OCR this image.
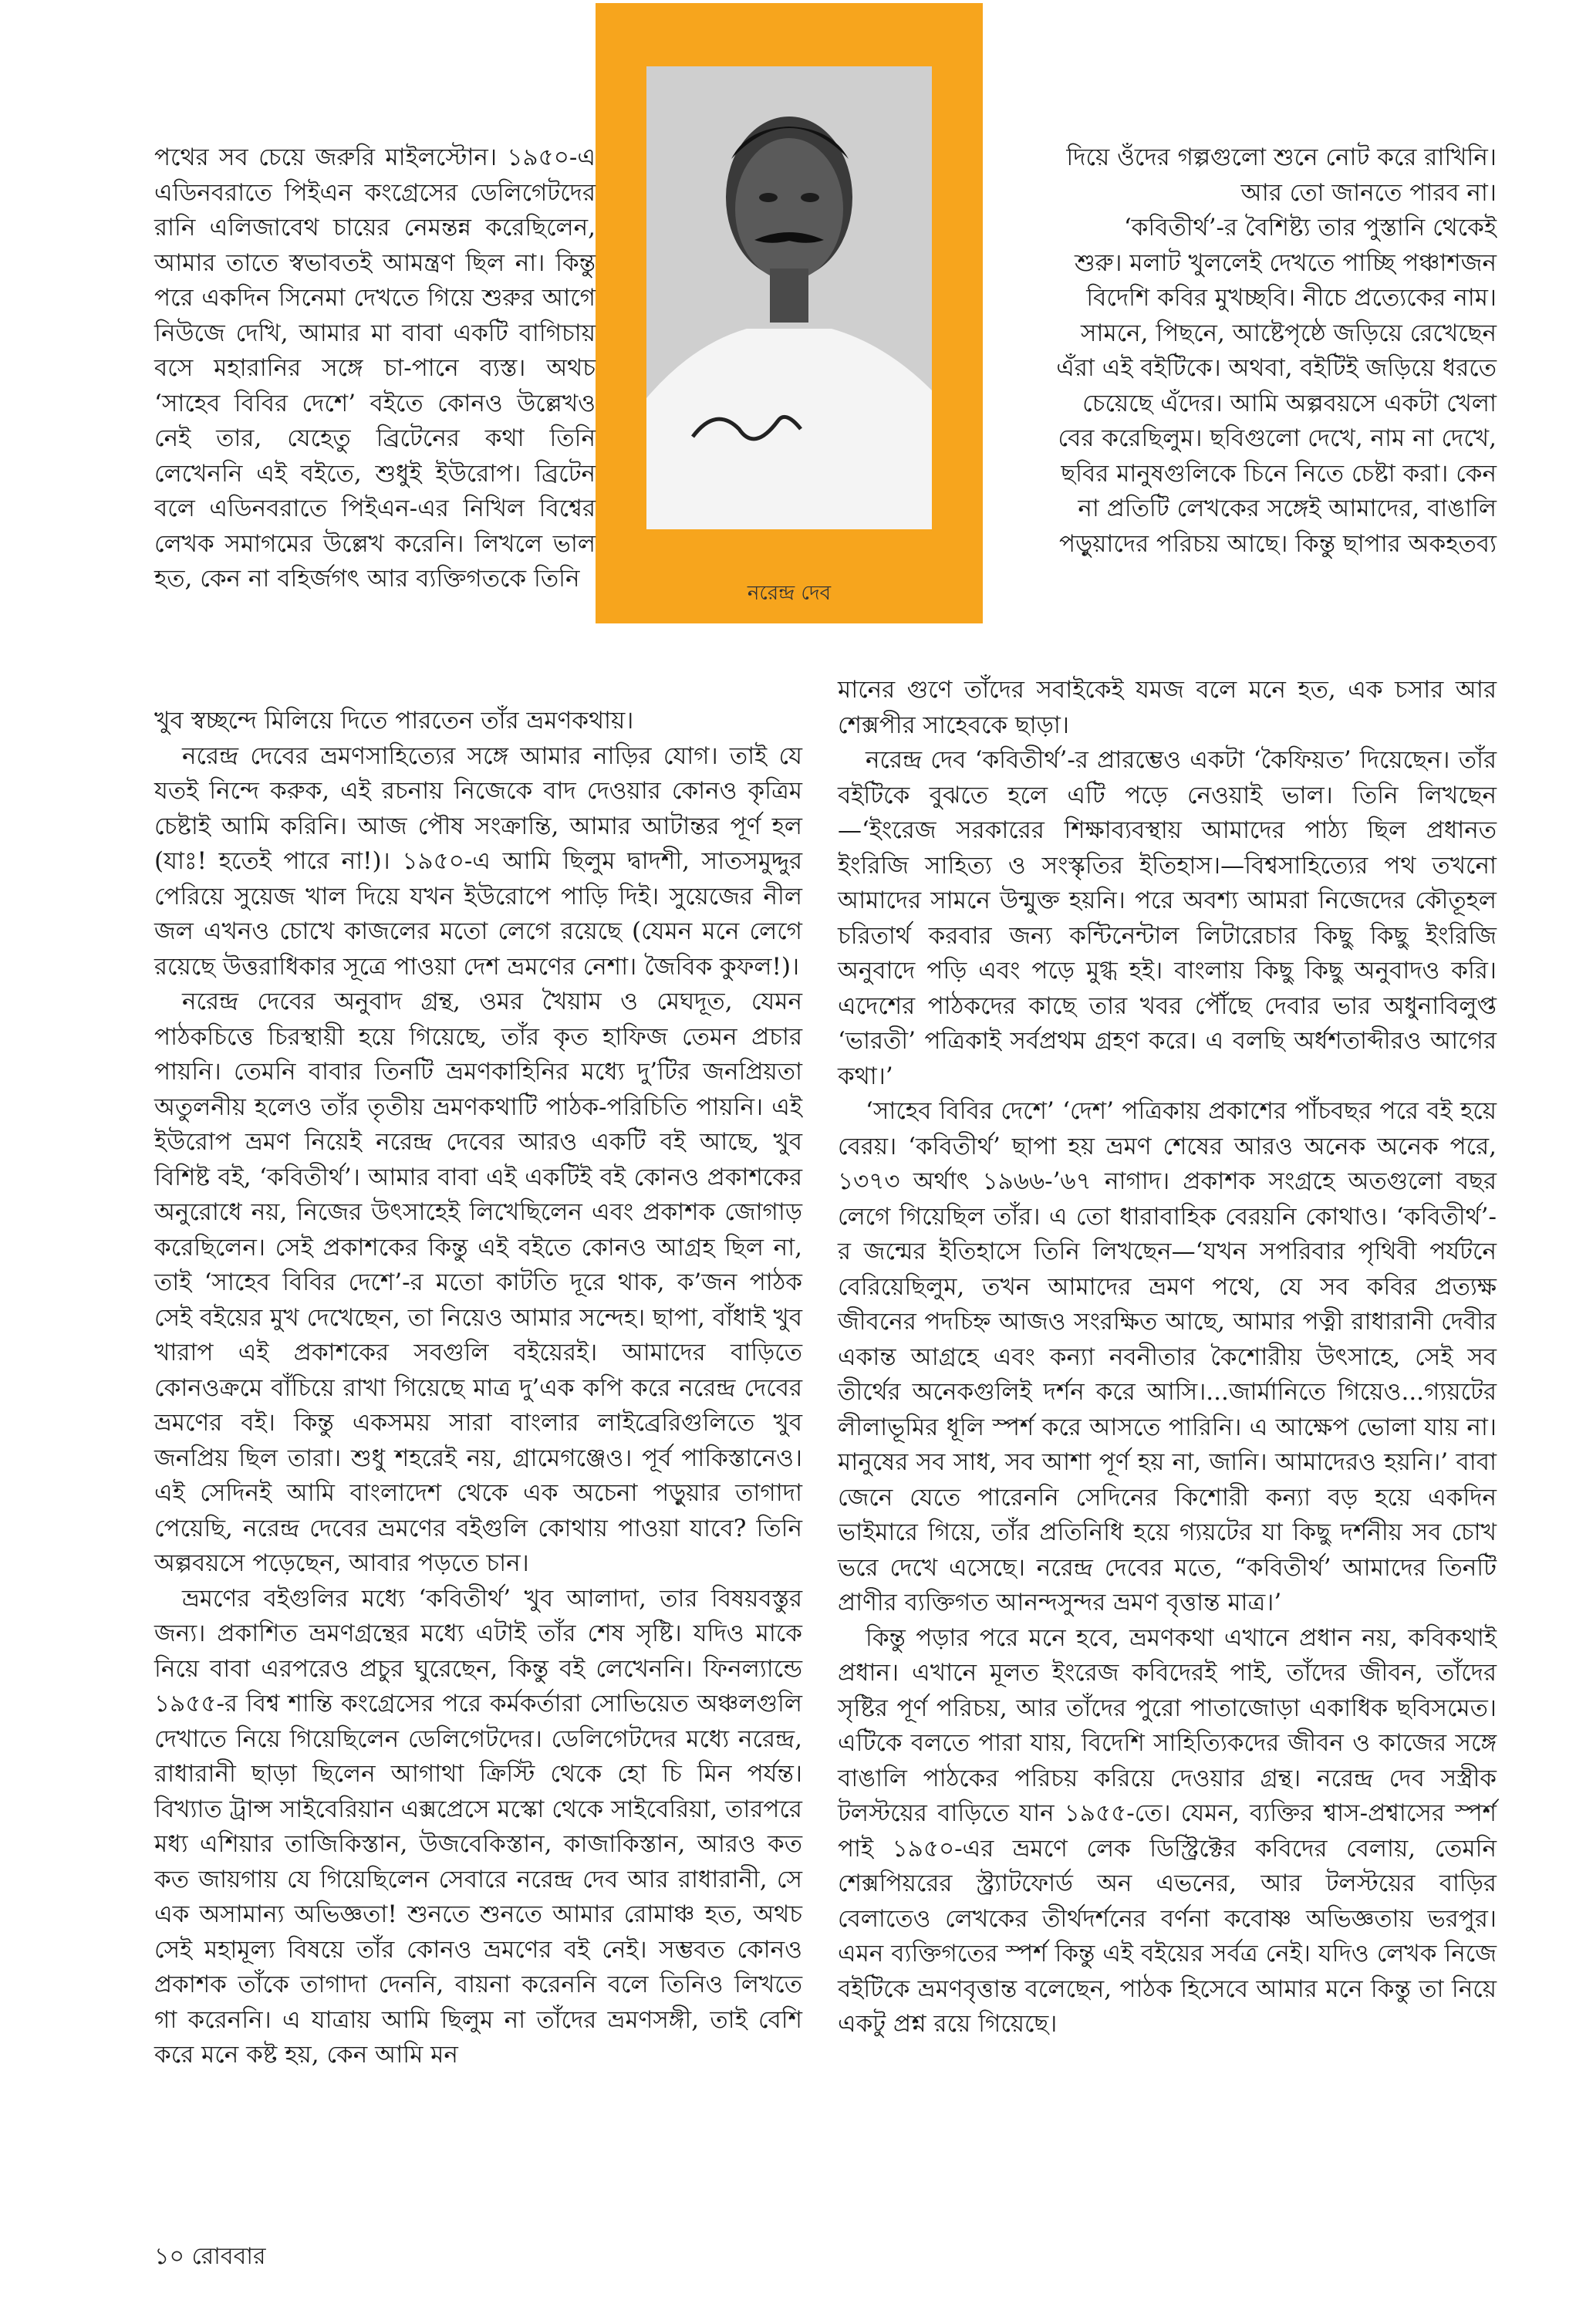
নরেন্দ্র দেব

পথের সব চেয়ে জরুরি মাইলস্টোন। ১৯৫০-এ এডিনবরাতে পিইএন কংগ্রেসের ডেলিগেটদের রানি এলিজাবেথ চায়ের নেমন্তন্ন করেছিলেন, আমার তাতে স্বভাবতই আমন্ত্রণ ছিল না। কিন্তু পরে একদিন সিনেমা দেখতে গিয়ে শুরুর আগে নিউজে দেখি, আমার মা বাবা একটি বাগিচায় বসে মহারানির সঙ্গে চা-পানে ব্যস্ত। অথচ ‘সাহেব বিবির দেশে’ বইতে কোনও উল্লেখও নেই তার, যেহেতু ব্রিটেনের কথা তিনি লেখেননি এই বইতে, শুধুই ইউরোপ। ব্রিটেন বলে এডিনবরাতে পিইএন-এর নিখিল বিশ্বের লেখক সমাগমের উল্লেখ করেনি। লিখলে ভাল হত, কেন না বহির্জগৎ আর ব্যক্তিগতকে তিনি

দিয়ে ওঁদের গল্পগুলো শুনে নোট করে রাখিনি। আর তো জানতে পারব না।

‘কবিতীর্থ’-র বৈশিষ্ট্য তার পুস্তানি থেকেই শুরু। মলাট খুললেই দেখতে পাচ্ছি পঞ্চাশজন বিদেশি কবির মুখচ্ছবি। নীচে প্রত্যেকের নাম। সামনে, পিছনে, আষ্টেপৃষ্ঠে জড়িয়ে রেখেছেন এঁরা এই বইটিকে। অথবা, বইটিই জড়িয়ে ধরতে চেয়েছে এঁদের। আমি অল্পবয়সে একটা খেলা বের করেছিলুম। ছবিগুলো দেখে, নাম না দেখে, ছবির মানুষগুলিকে চিনে নিতে চেষ্টা করা। কেন না প্রতিটি লেখকের সঙ্গেই আমাদের, বাঙালি পড়ুয়াদের পরিচয় আছে। কিন্তু ছাপার অকহতব্য

খুব স্বচ্ছন্দে মিলিয়ে দিতে পারতেন তাঁর ভ্রমণকথায়।

নরেন্দ্র দেবের ভ্রমণসাহিত্যের সঙ্গে আমার নাড়ির যোগ। তাই যে যতই নিন্দে করুক, এই রচনায় নিজেকে বাদ দেওয়ার কোনও কৃত্রিম চেষ্টাই আমি করিনি। আজ পৌষ সংক্রান্তি, আমার আটান্তর পূর্ণ হল (যাঃ! হতেই পারে না!)। ১৯৫০-এ আমি ছিলুম দ্বাদশী, সাতসমুদ্দুর পেরিয়ে সুয়েজ খাল দিয়ে যখন ইউরোপে পাড়ি দিই। সুয়েজের নীল জল এখনও চোখে কাজলের মতো লেগে রয়েছে (যেমন মনে লেগে রয়েছে উত্তরাধিকার সূত্রে পাওয়া দেশ ভ্রমণের নেশা। জৈবিক কুফল!)।

নরেন্দ্র দেবের অনুবাদ গ্রন্থ, ওমর খৈয়াম ও মেঘদূত, যেমন পাঠকচিত্তে চিরস্থায়ী হয়ে গিয়েছে, তাঁর কৃত হাফিজ তেমন প্রচার পায়নি। তেমনি বাবার তিনটি ভ্রমণকাহিনির মধ্যে দু’টির জনপ্রিয়তা অতুলনীয় হলেও তাঁর তৃতীয় ভ্রমণকথাটি পাঠক-পরিচিতি পায়নি। এই ইউরোপ ভ্রমণ নিয়েই নরেন্দ্র দেবের আরও একটি বই আছে, খুব বিশিষ্ট বই, ‘কবিতীর্থ’। আমার বাবা এই একটিই বই কোনও প্রকাশকের অনুরোধে নয়, নিজের উৎসাহেই লিখেছিলেন এবং প্রকাশক জোগাড় করেছিলেন। সেই প্রকাশকের কিন্তু এই বইতে কোনও আগ্রহ ছিল না, তাই ‘সাহেব বিবির দেশে’-র মতো কাটতি দূরে থাক, ক’জন পাঠক সেই বইয়ের মুখ দেখেছেন, তা নিয়েও আমার সন্দেহ। ছাপা, বাঁধাই খুব খারাপ এই প্রকাশকের সবগুলি বইয়েরই। আমাদের বাড়িতে কোনওক্রমে বাঁচিয়ে রাখা গিয়েছে মাত্র দু’এক কপি করে নরেন্দ্র দেবের ভ্রমণের বই। কিন্তু একসময় সারা বাংলার লাইব্রেরিগুলিতে খুব জনপ্রিয় ছিল তারা। শুধু শহরেই নয়, গ্রামেগঞ্জেও। পূর্ব পাকিস্তানেও। এই সেদিনই আমি বাংলাদেশ থেকে এক অচেনা পড়ুয়ার তাগাদা পেয়েছি, নরেন্দ্র দেবের ভ্রমণের বইগুলি কোথায় পাওয়া যাবে? তিনি অল্পবয়সে পড়েছেন, আবার পড়তে চান।

ভ্রমণের বইগুলির মধ্যে ‘কবিতীর্থ’ খুব আলাদা, তার বিষয়বস্তুর জন্য। প্রকাশিত ভ্রমণগ্রন্থের মধ্যে এটাই তাঁর শেষ সৃষ্টি। যদিও মাকে নিয়ে বাবা এরপরেও প্রচুর ঘুরেছেন, কিন্তু বই লেখেননি। ফিনল্যান্ডে ১৯৫৫-র বিশ্ব শান্তি কংগ্রেসের পরে কর্মকর্তারা সোভিয়েত অঞ্চলগুলি দেখাতে নিয়ে গিয়েছিলেন ডেলিগেটদের। ডেলিগেটদের মধ্যে নরেন্দ্র, রাধারানী ছাড়া ছিলেন আগাথা ক্রিস্টি থেকে হো চি মিন পর্যন্ত। বিখ্যাত ট্রান্স সাইবেরিয়ান এক্সপ্রেসে মস্কো থেকে সাইবেরিয়া, তারপরে মধ্য এশিয়ার তাজিকিস্তান, উজবেকিস্তান, কাজাকিস্তান, আরও কত কত জায়গায় যে গিয়েছিলেন সেবারে নরেন্দ্র দেব আর রাধারানী, সে এক অসামান্য অভিজ্ঞতা! শুনতে শুনতে আমার রোমাঞ্চ হত, অথচ সেই মহামূল্য বিষয়ে তাঁর কোনও ভ্রমণের বই নেই। সম্ভবত কোনও প্রকাশক তাঁকে তাগাদা দেননি, বায়না করেননি বলে তিনিও লিখতে গা করেননি। এ যাত্রায় আমি ছিলুম না তাঁদের ভ্রমণসঙ্গী, তাই বেশি করে মনে কষ্ট হয়, কেন আমি মন

মানের গুণে তাঁদের সবাইকেই যমজ বলে মনে হত, এক চসার আর শেক্সপীর সাহেবকে ছাড়া।

নরেন্দ্র দেব ‘কবিতীর্থ’-র প্রারম্ভেও একটা ‘কৈফিয়ত’ দিয়েছেন। তাঁর বইটিকে বুঝতে হলে এটি পড়ে নেওয়াই ভাল। তিনি লিখছেন—‘ইংরেজ সরকারের শিক্ষাব্যবস্থায় আমাদের পাঠ্য ছিল প্রধানত ইংরিজি সাহিত্য ও সংস্কৃতির ইতিহাস।—বিশ্বসাহিত্যের পথ তখনো আমাদের সামনে উন্মুক্ত হয়নি। পরে অবশ্য আমরা নিজেদের কৌতূহল চরিতার্থ করবার জন্য কন্টিনেন্টাল লিটারেচার কিছু কিছু ইংরিজি অনুবাদে পড়ি এবং পড়ে মুগ্ধ হই। বাংলায় কিছু কিছু অনুবাদও করি। এদেশের পাঠকদের কাছে তার খবর পৌঁছে দেবার ভার অধুনাবিলুপ্ত ‘ভারতী’ পত্রিকাই সর্বপ্রথম গ্রহণ করে। এ বলছি অর্ধশতাব্দীরও আগের কথা।’

‘সাহেব বিবির দেশে’ ‘দেশ’ পত্রিকায় প্রকাশের পাঁচবছর পরে বই হয়ে বেরয়। ‘কবিতীর্থ’ ছাপা হয় ভ্রমণ শেষের আরও অনেক অনেক পরে, ১৩৭৩ অর্থাৎ ১৯৬৬-’৬৭ নাগাদ। প্রকাশক সংগ্রহে অতগুলো বছর লেগে গিয়েছিল তাঁর। এ তো ধারাবাহিক বেরয়নি কোথাও। ‘কবিতীর্থ’-র জন্মের ইতিহাসে তিনি লিখছেন—‘যখন সপরিবার পৃথিবী পর্যটনে বেরিয়েছিলুম, তখন আমাদের ভ্রমণ পথে, যে সব কবির প্রত্যক্ষ জীবনের পদচিহ্ন আজও সংরক্ষিত আছে, আমার পত্নী রাধারানী দেবীর একান্ত আগ্রহে এবং কন্যা নবনীতার কৈশোরীয় উৎসাহে, সেই সব তীর্থের অনেকগুলিই দর্শন করে আসি।...জার্মানিতে গিয়েও...গ্যয়টের লীলাভূমির ধূলি স্পর্শ করে আসতে পারিনি। এ আক্ষেপ ভোলা যায় না। মানুষের সব সাধ, সব আশা পূর্ণ হয় না, জানি। আমাদেরও হয়নি।’ বাবা জেনে যেতে পারেননি সেদিনের কিশোরী কন্যা বড় হয়ে একদিন ভাইমারে গিয়ে, তাঁর প্রতিনিধি হয়ে গ্যয়টের যা কিছু দর্শনীয় সব চোখ ভরে দেখে এসেছে। নরেন্দ্র দেবের মতে, “কবিতীর্থ’ আমাদের তিনটি প্রাণীর ব্যক্তিগত আনন্দসুন্দর ভ্রমণ বৃত্তান্ত মাত্র।’

কিন্তু পড়ার পরে মনে হবে, ভ্রমণকথা এখানে প্রধান নয়, কবিকথাই প্রধান। এখানে মূলত ইংরেজ কবিদেরই পাই, তাঁদের জীবন, তাঁদের সৃষ্টির পূর্ণ পরিচয়, আর তাঁদের পুরো পাতাজোড়া একাধিক ছবিসমেত। এটিকে বলতে পারা যায়, বিদেশি সাহিত্যিকদের জীবন ও কাজের সঙ্গে বাঙালি পাঠকের পরিচয় করিয়ে দেওয়ার গ্রন্থ। নরেন্দ্র দেব সস্ত্রীক টলস্টয়ের বাড়িতে যান ১৯৫৫-তে। যেমন, ব্যক্তির শ্বাস-প্রশ্বাসের স্পর্শ পাই ১৯৫০-এর ভ্রমণে লেক ডিস্ট্রিক্টের কবিদের বেলায়, তেমনি শেক্সপিয়রের স্ট্র্যাটফোর্ড অন এভনের, আর টলস্টয়ের বাড়ির বেলাতেও লেখকের তীর্থদর্শনের বর্ণনা কবোষ্ণ অভিজ্ঞতায় ভরপুর। এমন ব্যক্তিগতের স্পর্শ কিন্তু এই বইয়ের সর্বত্র নেই। যদিও লেখক নিজে বইটিকে ভ্রমণবৃত্তান্ত বলেছেন, পাঠক হিসেবে আমার মনে কিন্তু তা নিয়ে একটু প্রশ্ন রয়ে গিয়েছে।

১০ রোববার
